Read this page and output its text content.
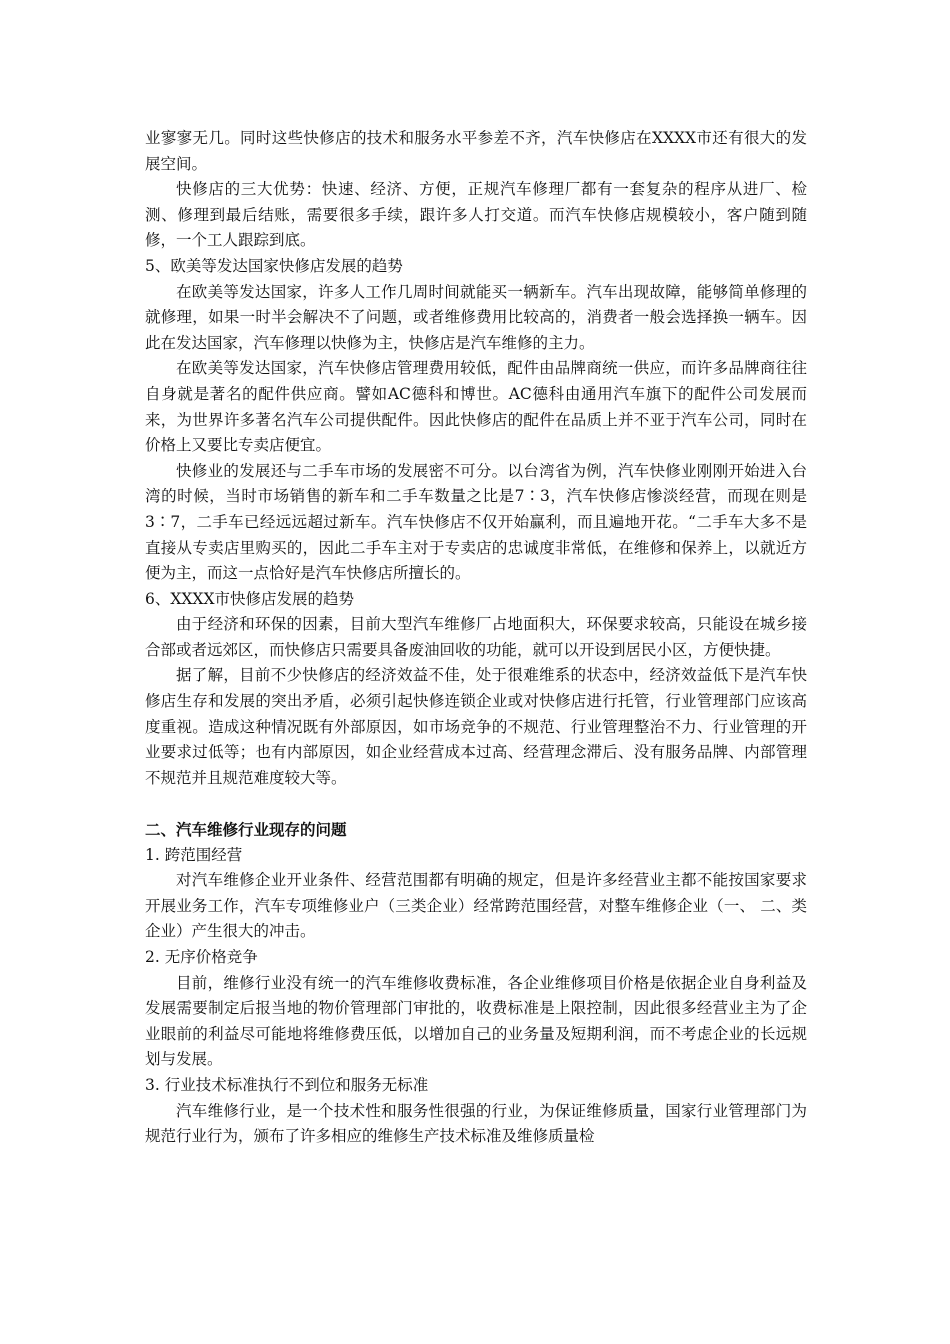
业寥寥无几。同时这些快修店的技术和服务水平参差不齐，汽车快修店在XXXX市还有很大的发展空间。

快修店的三大优势：快速、经济、方便，正规汽车修理厂都有一套复杂的程序从进厂、检测、修理到最后结账，需要很多手续，跟许多人打交道。而汽车快修店规模较小，客户随到随修，一个工人跟踪到底。

5、欧美等发达国家快修店发展的趋势

在欧美等发达国家，许多人工作几周时间就能买一辆新车。汽车出现故障，能够简单修理的就修理，如果一时半会解决不了问题，或者维修费用比较高的，消费者一般会选择换一辆车。因此在发达国家，汽车修理以快修为主，快修店是汽车维修的主力。

在欧美等发达国家，汽车快修店管理费用较低，配件由品牌商统一供应，而许多品牌商往往自身就是著名的配件供应商。譬如AC德科和博世。AC德科由通用汽车旗下的配件公司发展而来，为世界许多著名汽车公司提供配件。因此快修店的配件在品质上并不亚于汽车公司，同时在价格上又要比专卖店便宜。

快修业的发展还与二手车市场的发展密不可分。以台湾省为例，汽车快修业刚刚开始进入台湾的时候，当时市场销售的新车和二手车数量之比是7∶3，汽车快修店惨淡经营，而现在则是3∶7，二手车已经远远超过新车。汽车快修店不仅开始赢利，而且遍地开花。“二手车大多不是直接从专卖店里购买的，因此二手车主对于专卖店的忠诚度非常低，在维修和保养上，以就近方便为主，而这一点恰好是汽车快修店所擅长的。

6、XXXX市快修店发展的趋势

由于经济和环保的因素，目前大型汽车维修厂占地面积大，环保要求较高，只能设在城乡接合部或者远郊区，而快修店只需要具备废油回收的功能，就可以开设到居民小区，方便快捷。

据了解，目前不少快修店的经济效益不佳，处于很难维系的状态中，经济效益低下是汽车快修店生存和发展的突出矛盾，必须引起快修连锁企业或对快修店进行托管，行业管理部门应该高度重视。造成这种情况既有外部原因，如市场竞争的不规范、行业管理整治不力、行业管理的开业要求过低等；也有内部原因，如企业经营成本过高、经营理念滞后、没有服务品牌、内部管理不规范并且规范难度较大等。

二、汽车维修行业现存的问题

1. 跨范围经营

对汽车维修企业开业条件、经营范围都有明确的规定，但是许多经营业主都不能按国家要求开展业务工作，汽车专项维修业户（三类企业）经常跨范围经营，对整车维修企业（一、 二、类企业）产生很大的冲击。

2. 无序价格竞争

目前，维修行业没有统一的汽车维修收费标准，各企业维修项目价格是依据企业自身利益及发展需要制定后报当地的物价管理部门审批的，收费标准是上限控制，因此很多经营业主为了企业眼前的利益尽可能地将维修费压低，以增加自己的业务量及短期利润，而不考虑企业的长远规划与发展。

3. 行业技术标准执行不到位和服务无标准

汽车维修行业，是一个技术性和服务性很强的行业，为保证维修质量，国家行业管理部门为规范行业行为，颁布了许多相应的维修生产技术标准及维修质量检
